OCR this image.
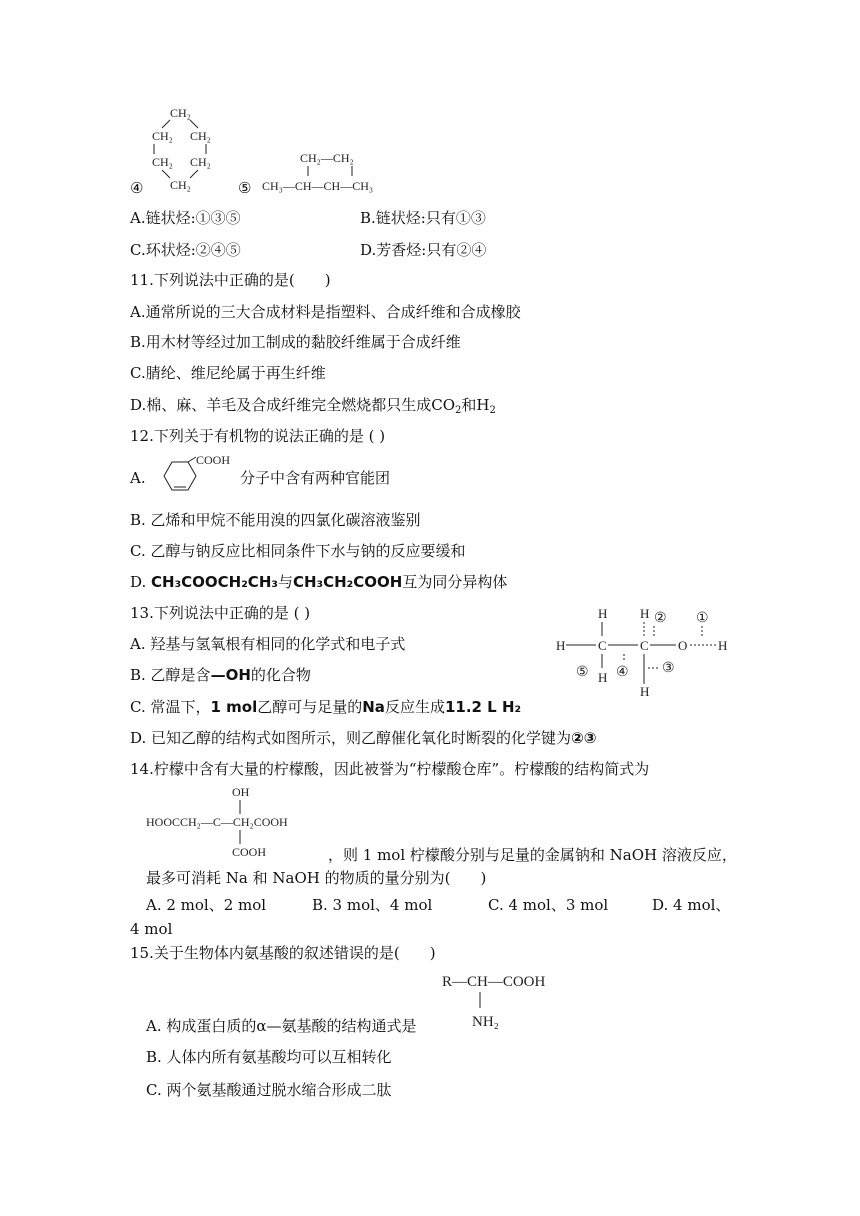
CH₂
CH₂ CH₂
CH₂ CH₂
CH₂
④	⑤
CH₂—CH₂
CH₃—CH—CH—CH₃
A.链状烃:①③⑤	B.链状烃:只有①③
C.环状烃:②④⑤	D.芳香烃:只有②④
11.下列说法中正确的是(　　)
A.通常所说的三大合成材料是指塑料、合成纤维和合成橡胶
B.用木材等经过加工制成的黏胶纤维属于合成纤维
C.腈纶、维尼纶属于再生纤维
D.棉、麻、羊毛及合成纤维完全燃烧都只生成$CO_2$和$H_2$
12.下列关于有机物的说法正确的是 ( )
A.
COOH
分子中含有两种官能团
B. 乙烯和甲烷不能用溴的四氯化碳溶液鉴别
C. 乙醇与钠反应比相同条件下水与钠的反应要缓和
D. CH₃COOCH₂CH₃与CH₃CH₂COOH互为同分异构体
13.下列说法中正确的是 ( )
A. 羟基与氢氧根有相同的化学式和电子式
B. 乙醇是含—OH的化合物
C. 常温下，1 mol乙醇可与足量的Na反应生成11.2 L H₂
D. 已知乙醇的结构式如图所示，则乙醇催化氧化时断裂的化学键为②③
H	H
H	C	C O H
H
H
①
②
③
④
⑤
14.柠檬中含有大量的柠檬酸，因此被誉为“柠檬酸仓库”。柠檬酸的结构简式为
OH
HOOCCH₂—C—CH₂COOH
COOH	，则 1 mol 柠檬酸分别与足量的金属钠和 NaOH 溶液反应，
最多可消耗 Na 和 NaOH 的物质的量分别为(　　)
A. 2 mol、2 mol	B. 3 mol、4 mol	C. 4 mol、3 mol	D. 4 mol、
4 mol
15.关于生物体内氨基酸的叙述错误的是(　　)
R—CH—COOH
NH₂
A. 构成蛋白质的α—氨基酸的结构通式是
B. 人体内所有氨基酸均可以互相转化
C. 两个氨基酸通过脱水缩合形成二肽
